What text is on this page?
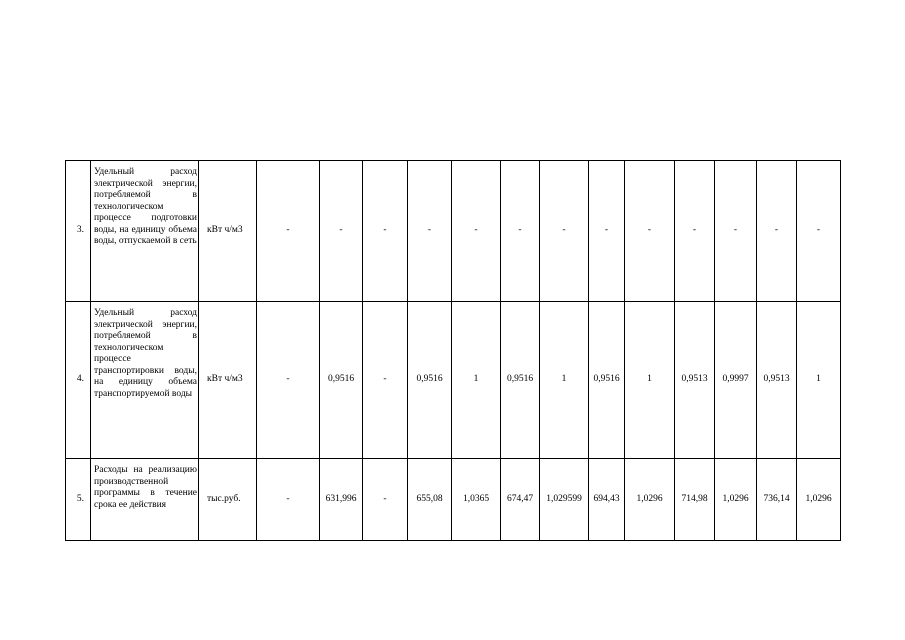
3.	Удельный расход электрической энергии, потребляемой в технологическом процессе подготовки воды, на единицу объема воды, отпускаемой в сеть	кВт ч/м3	-	-	-	-	-	-	-	-	-	-	-	-	-
4.	Удельный расход электрической энергии, потребляемой в технологическом процессе транспортировки воды, на единицу объема транспортируемой воды	кВт ч/м3	-	0,9516	-	0,9516	1	0,9516	1	0,9516	1	0,9513	0,9997	0,9513	1
5.	Расходы на реализацию производственной программы в течение срока ее действия	тыс.руб.	-	631,996	-	655,08	1,0365	674,47	1,029599	694,43	1,0296	714,98	1,0296	736,14	1,0296
